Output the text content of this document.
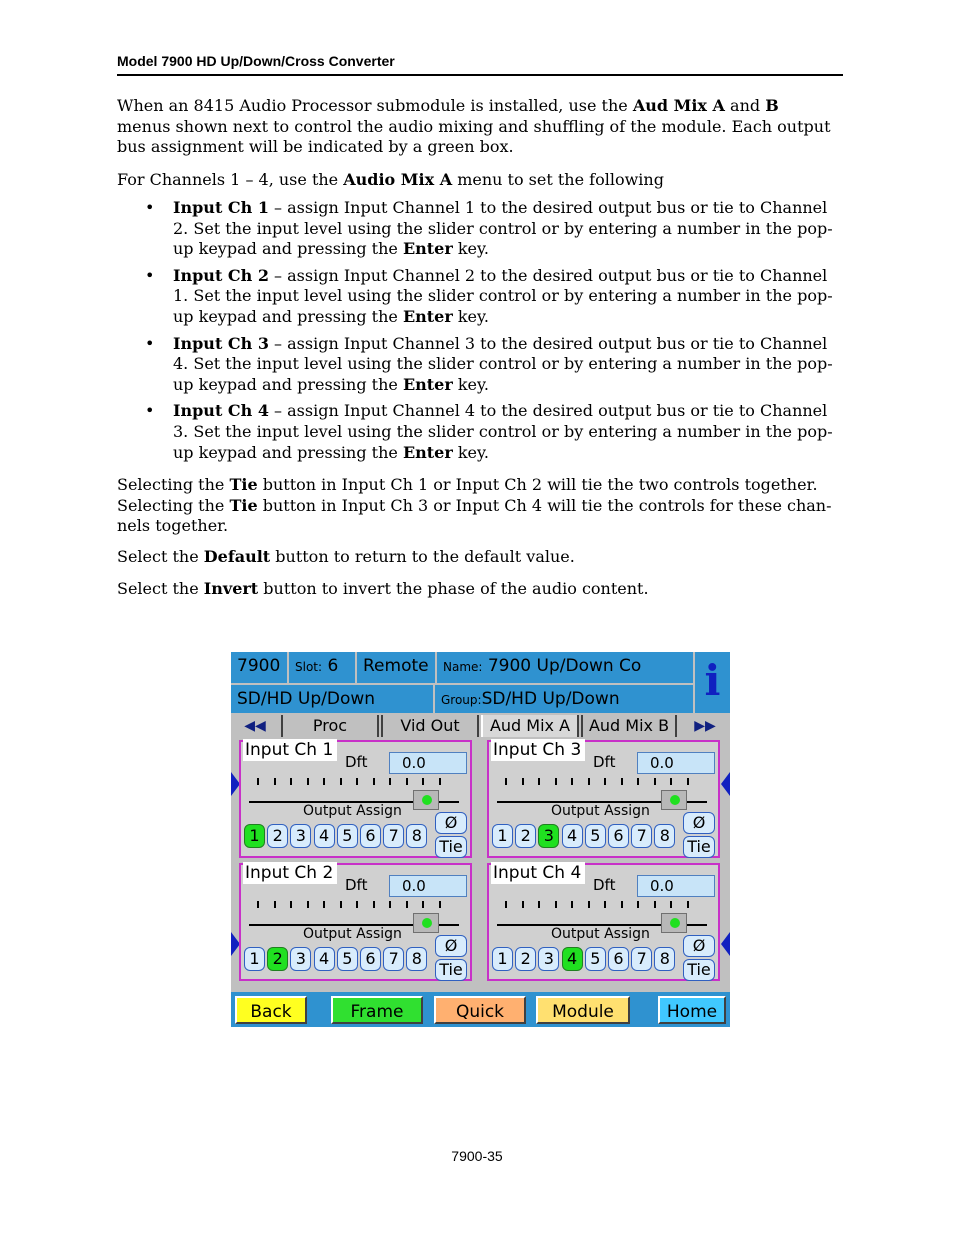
Model 7900 HD Up/Down/Cross Converter

When an 8415 Audio Processor submodule is installed, use the Aud Mix A and B menus shown next to control the audio mixing and shuffling of the module. Each output bus assignment will be indicated by a green box.

For Channels 1 – 4, use the Audio Mix A menu to set the following

• Input Ch 1 – assign Input Channel 1 to the desired output bus or tie to Channel 2. Set the input level using the slider control or by entering a number in the pop-up keypad and pressing the Enter key.
• Input Ch 2 – assign Input Channel 2 to the desired output bus or tie to Channel 1. Set the input level using the slider control or by entering a number in the pop-up keypad and pressing the Enter key.
• Input Ch 3 – assign Input Channel 3 to the desired output bus or tie to Channel 4. Set the input level using the slider control or by entering a number in the pop-up keypad and pressing the Enter key.
• Input Ch 4 – assign Input Channel 4 to the desired output bus or tie to Channel 3. Set the input level using the slider control or by entering a number in the pop-up keypad and pressing the Enter key.

Selecting the Tie button in Input Ch 1 or Input Ch 2 will tie the two controls together. Selecting the Tie button in Input Ch 3 or Input Ch 4 will tie the controls for these chan-nels together.

Select the Default button to return to the default value.

Select the Invert button to invert the phase of the audio content.

7900	Slot: 6	Remote	Name: 7900 Up/Down Co
SD/HD Up/Down	Group:SD/HD Up/Down	i
◀◀	Proc	Vid Out	Aud Mix A	Aud Mix B	▶▶
Input Ch 1
Dft	0.0
Output Assign
1 2 3 4 5 6 7 8
Ø
Tie
Input Ch 3
Dft	0.0
Output Assign
1 2 3 4 5 6 7 8
Ø
Tie
Input Ch 2
Dft	0.0
Output Assign
1 2 3 4 5 6 7 8
Ø
Tie
Input Ch 4
Dft	0.0
Output Assign
1 2 3 4 5 6 7 8
Ø
Tie
Back	Frame	Quick	Module	Home
7900-35
